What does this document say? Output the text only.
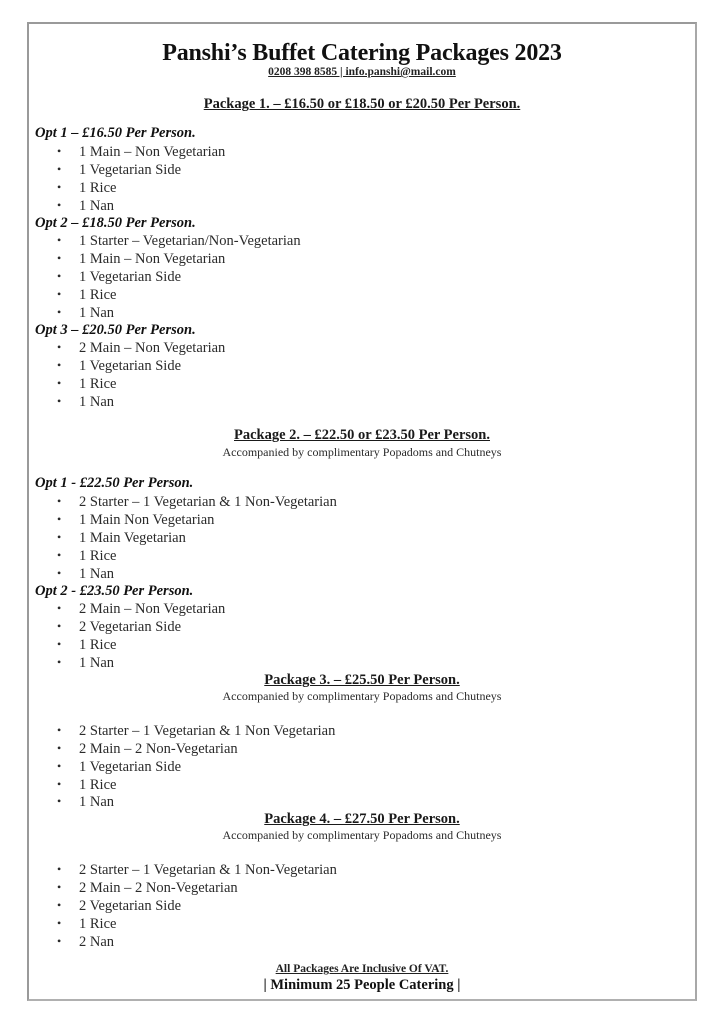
Panshi’s Buffet Catering Packages 2023
0208 398 8585 | info.panshi@mail.com
Package 1. – £16.50 or £18.50 or £20.50 Per Person.
Opt 1 – £16.50 Per Person.
• 1 Main – Non Vegetarian
• 1 Vegetarian Side
• 1 Rice
• 1 Nan
Opt 2 – £18.50 Per Person.
• 1 Starter – Vegetarian/Non-Vegetarian
• 1 Main – Non Vegetarian
• 1 Vegetarian Side
• 1 Rice
• 1 Nan
Opt 3 – £20.50 Per Person.
• 2 Main – Non Vegetarian
• 1 Vegetarian Side
• 1 Rice
• 1 Nan
Package 2. – £22.50 or £23.50 Per Person.
Accompanied by complimentary Popadoms and Chutneys
Opt 1 - £22.50 Per Person.
• 2 Starter – 1 Vegetarian & 1 Non-Vegetarian
• 1 Main Non Vegetarian
• 1 Main Vegetarian
• 1 Rice
• 1 Nan
Opt 2 - £23.50 Per Person.
• 2 Main – Non Vegetarian
• 2 Vegetarian Side
• 1 Rice
• 1 Nan
Package 3. – £25.50 Per Person.
Accompanied by complimentary Popadoms and Chutneys
• 2 Starter – 1 Vegetarian & 1 Non Vegetarian
• 2 Main – 2 Non-Vegetarian
• 1 Vegetarian Side
• 1 Rice
• 1 Nan
Package 4. – £27.50 Per Person.
Accompanied by complimentary Popadoms and Chutneys
• 2 Starter – 1 Vegetarian & 1 Non-Vegetarian
• 2 Main – 2 Non-Vegetarian
• 2 Vegetarian Side
• 1 Rice
• 2 Nan
All Packages Are Inclusive Of VAT.
| Minimum 25 People Catering |
